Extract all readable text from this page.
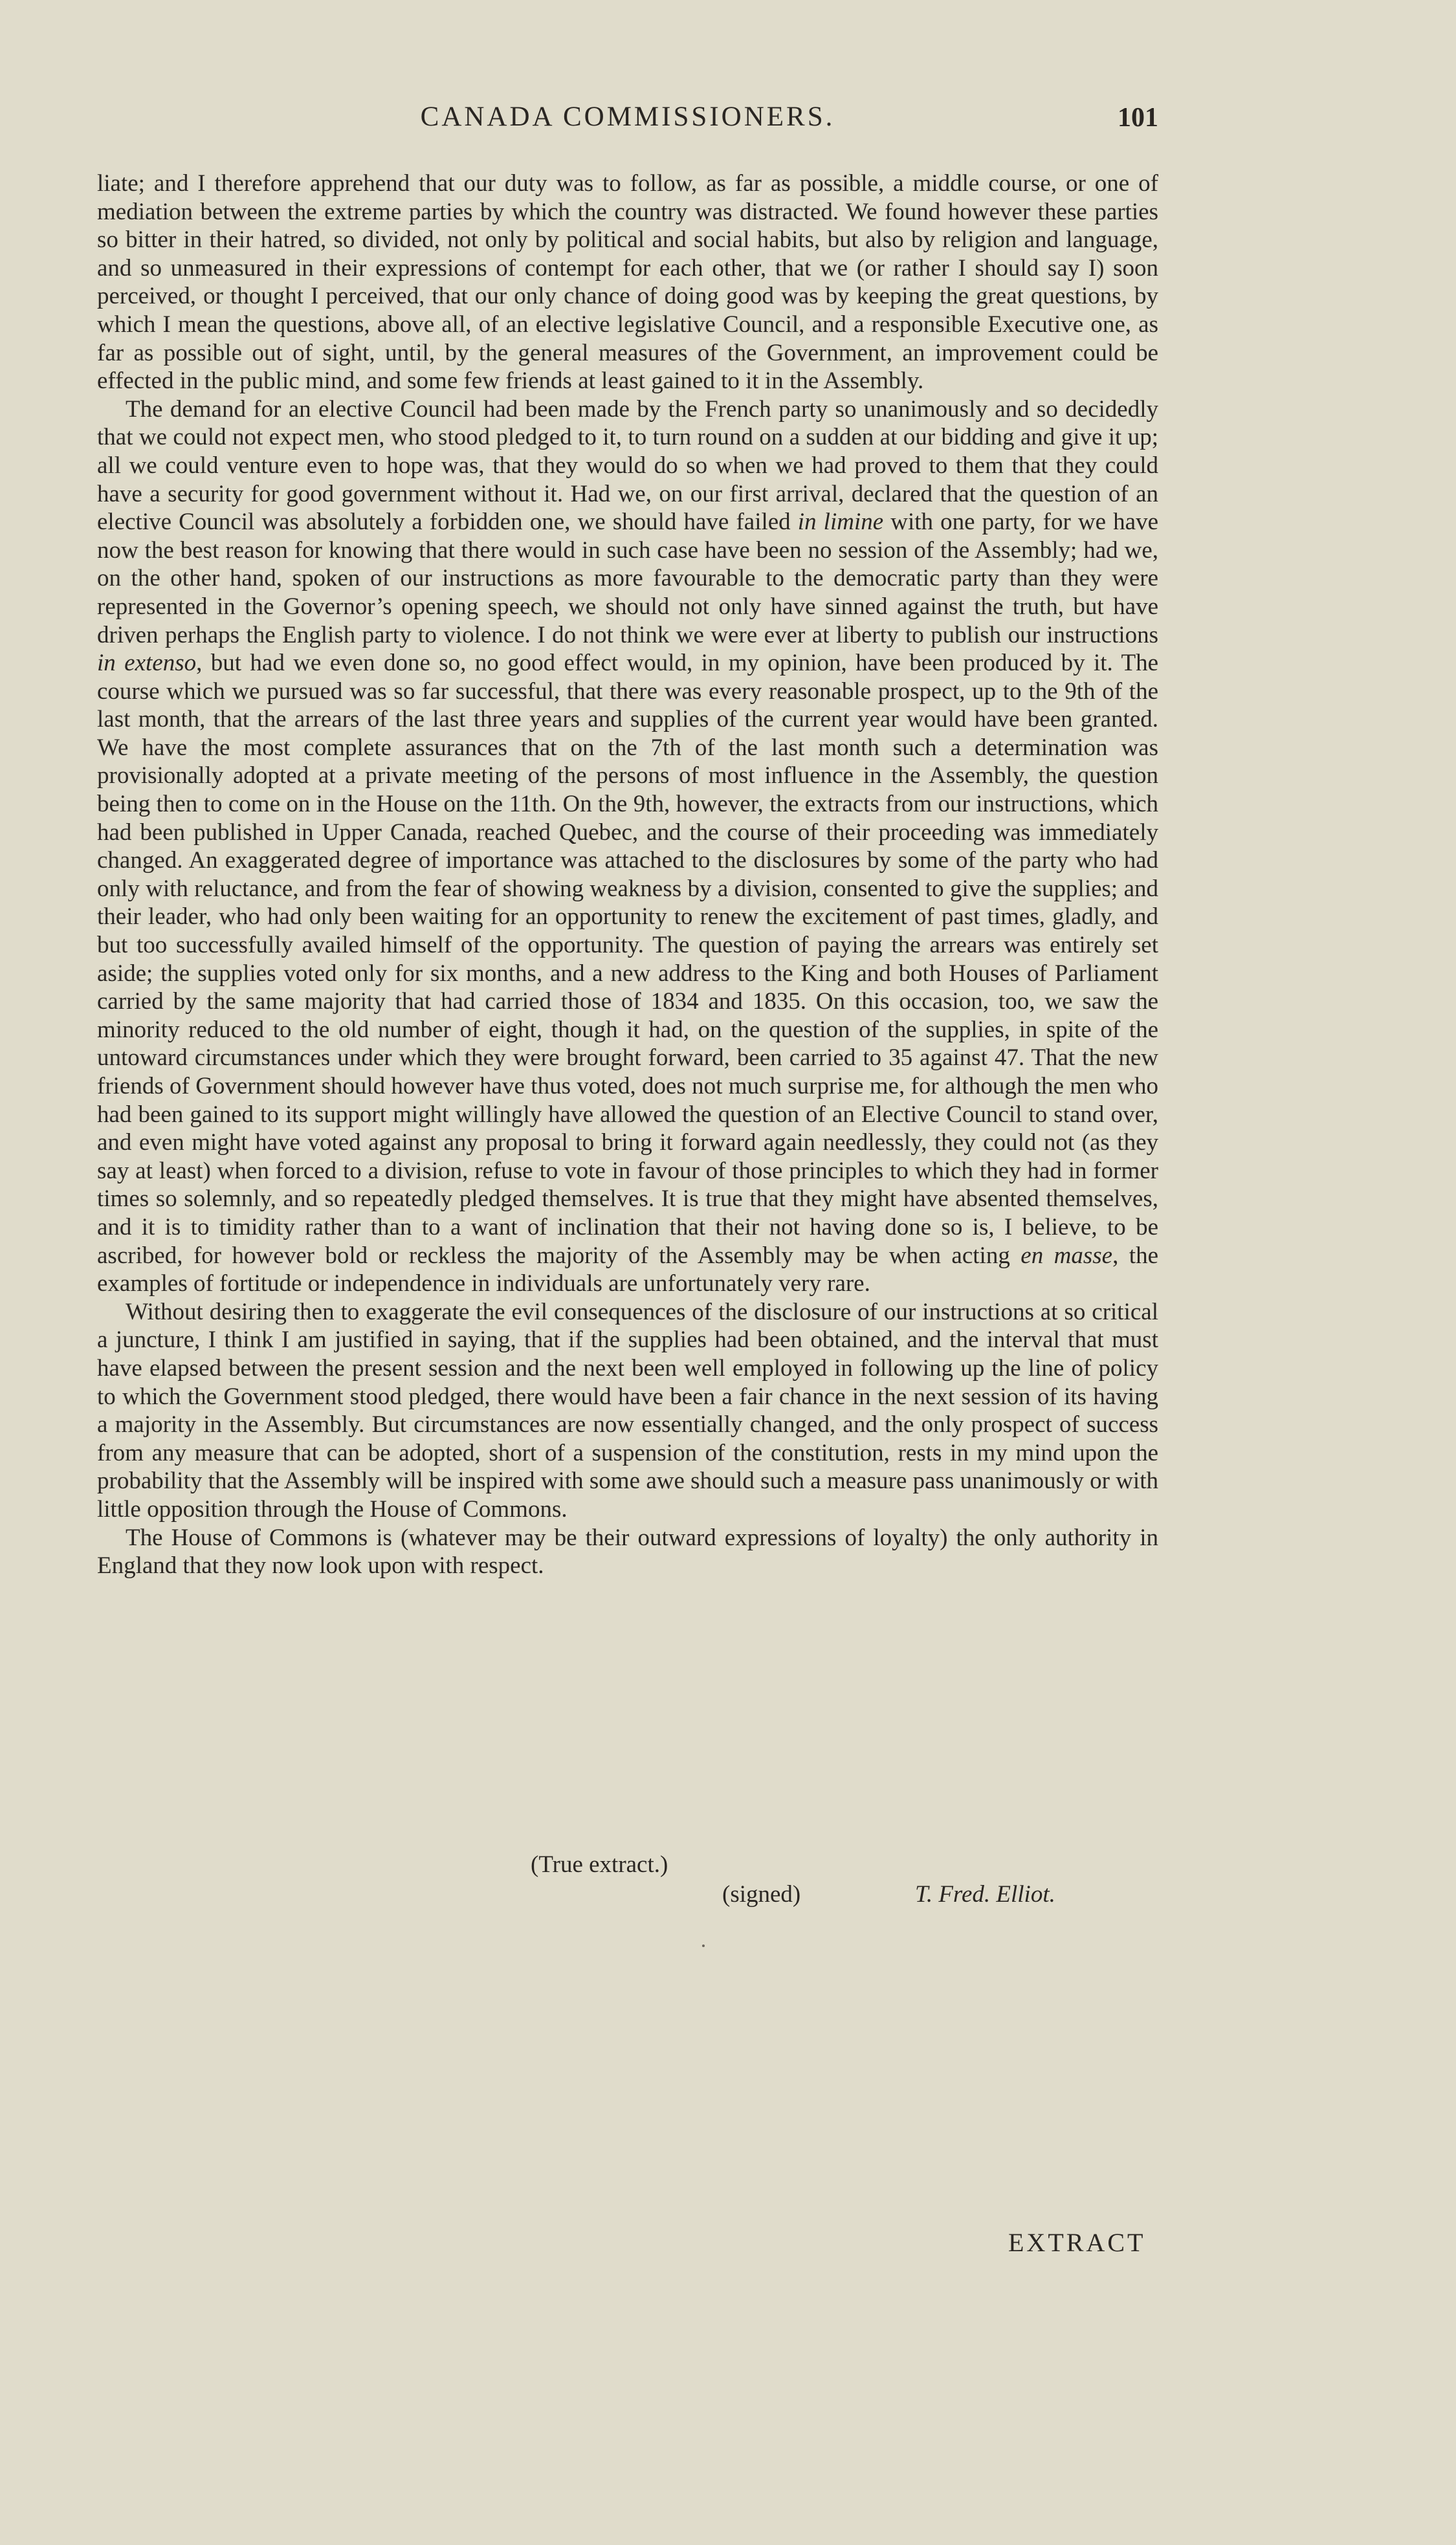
CANADA COMMISSIONERS.	101

liate; and I therefore apprehend that our duty was to follow, as far as possible, a middle course, or one of mediation between the extreme parties by which the country was distracted. We found however these parties so bitter in their hatred, so divided, not only by political and social habits, but also by religion and language, and so unmeasured in their expressions of contempt for each other, that we (or rather I should say I) soon perceived, or thought I perceived, that our only chance of doing good was by keeping the great questions, by which I mean the questions, above all, of an elective legislative Council, and a responsible Executive one, as far as possible out of sight, until, by the general measures of the Government, an improvement could be effected in the public mind, and some few friends at least gained to it in the Assembly.

The demand for an elective Council had been made by the French party so unanimously and so decidedly that we could not expect men, who stood pledged to it, to turn round on a sudden at our bidding and give it up; all we could venture even to hope was, that they would do so when we had proved to them that they could have a security for good government without it. Had we, on our first arrival, declared that the question of an elective Council was absolutely a forbidden one, we should have failed in limine with one party, for we have now the best reason for knowing that there would in such case have been no session of the Assembly; had we, on the other hand, spoken of our instructions as more favourable to the democratic party than they were represented in the Governor’s opening speech, we should not only have sinned against the truth, but have driven perhaps the English party to violence. I do not think we were ever at liberty to publish our instructions in extenso, but had we even done so, no good effect would, in my opinion, have been produced by it. The course which we pursued was so far successful, that there was every reasonable prospect, up to the 9th of the last month, that the arrears of the last three years and supplies of the current year would have been granted. We have the most complete assurances that on the 7th of the last month such a determination was provisionally adopted at a private meeting of the persons of most influence in the Assembly, the question being then to come on in the House on the 11th. On the 9th, however, the extracts from our instructions, which had been published in Upper Canada, reached Quebec, and the course of their proceeding was immediately changed. An exaggerated degree of importance was attached to the disclosures by some of the party who had only with reluctance, and from the fear of showing weakness by a division, consented to give the supplies; and their leader, who had only been waiting for an opportunity to renew the excitement of past times, gladly, and but too successfully availed himself of the opportunity. The question of paying the arrears was entirely set aside; the supplies voted only for six months, and a new address to the King and both Houses of Parliament carried by the same majority that had carried those of 1834 and 1835. On this occasion, too, we saw the minority reduced to the old number of eight, though it had, on the question of the supplies, in spite of the untoward circumstances under which they were brought forward, been carried to 35 against 47. That the new friends of Government should however have thus voted, does not much surprise me, for although the men who had been gained to its support might willingly have allowed the question of an Elective Council to stand over, and even might have voted against any proposal to bring it forward again needlessly, they could not (as they say at least) when forced to a division, refuse to vote in favour of those principles to which they had in former times so solemnly, and so repeatedly pledged themselves. It is true that they might have absented themselves, and it is to timidity rather than to a want of inclination that their not having done so is, I believe, to be ascribed, for however bold or reckless the majority of the Assembly may be when acting en masse, the examples of fortitude or independence in individuals are unfortunately very rare.

Without desiring then to exaggerate the evil consequences of the disclosure of our instructions at so critical a juncture, I think I am justified in saying, that if the supplies had been obtained, and the interval that must have elapsed between the present session and the next been well employed in following up the line of policy to which the Government stood pledged, there would have been a fair chance in the next session of its having a majority in the Assembly. But circumstances are now essentially changed, and the only prospect of success from any measure that can be adopted, short of a suspension of the constitution, rests in my mind upon the probability that the Assembly will be inspired with some awe should such a measure pass unanimously or with little opposition through the House of Commons.

The House of Commons is (whatever may be their outward expressions of loyalty) the only authority in England that they now look upon with respect.

(True extract.)
(signed)	T. Fred. Elliot.
EXTRACT
